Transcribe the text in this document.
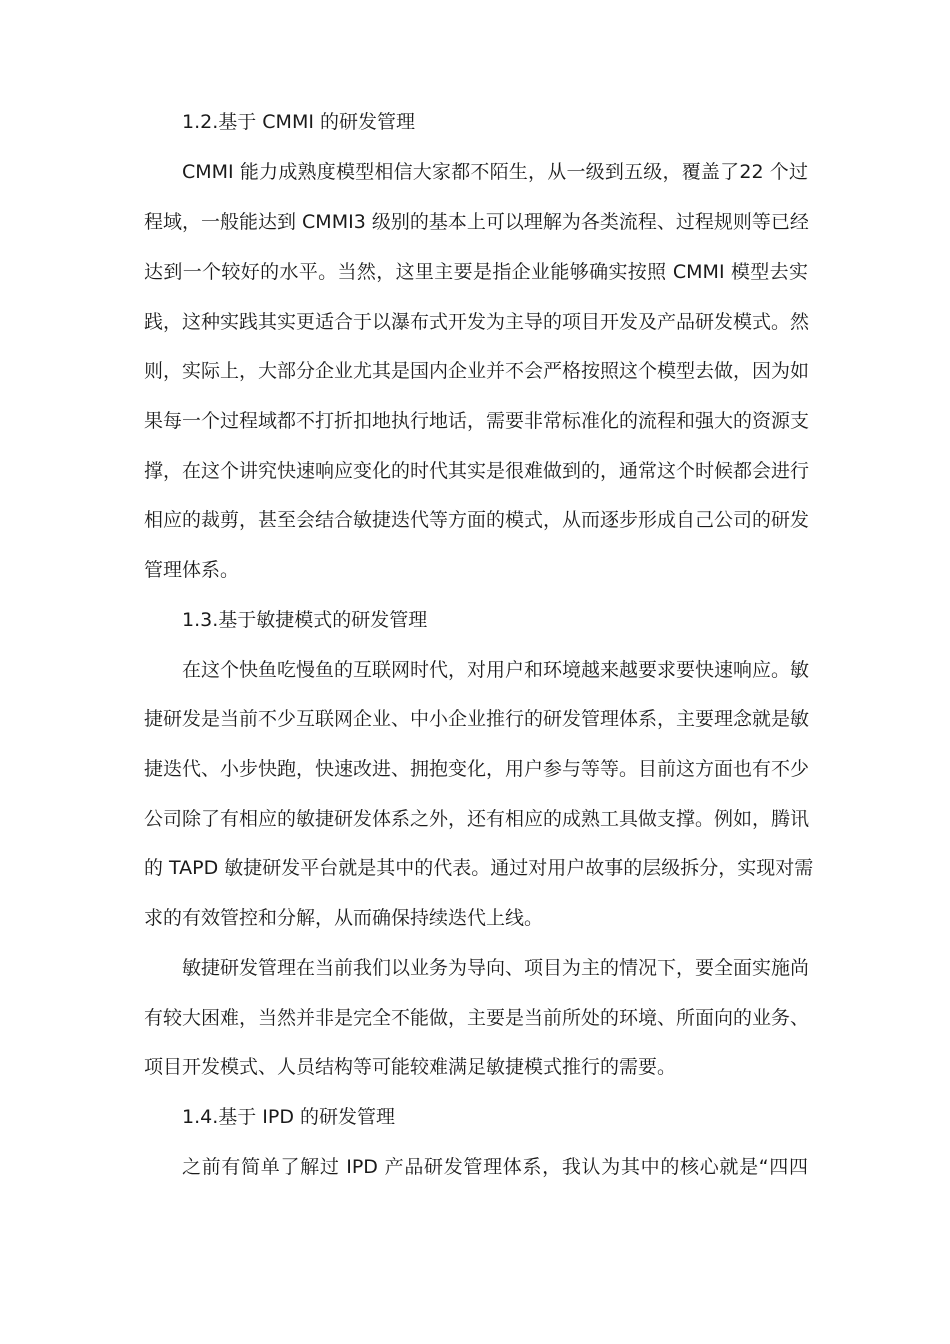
1.2.基于 CMMI 的研发管理
CMMI 能力成熟度模型相信大家都不陌生，从一级到五级，覆盖了22 个过
程域，一般能达到 CMMI3 级别的基本上可以理解为各类流程、过程规则等已经
达到一个较好的水平。当然，这里主要是指企业能够确实按照 CMMI 模型去实
践，这种实践其实更适合于以瀑布式开发为主导的项目开发及产品研发模式。然
则，实际上，大部分企业尤其是国内企业并不会严格按照这个模型去做，因为如
果每一个过程域都不打折扣地执行地话，需要非常标准化的流程和强大的资源支
撑，在这个讲究快速响应变化的时代其实是很难做到的，通常这个时候都会进行
相应的裁剪，甚至会结合敏捷迭代等方面的模式，从而逐步形成自己公司的研发
管理体系。
1.3.基于敏捷模式的研发管理
在这个快鱼吃慢鱼的互联网时代，对用户和环境越来越要求要快速响应。敏
捷研发是当前不少互联网企业、中小企业推行的研发管理体系，主要理念就是敏
捷迭代、小步快跑，快速改进、拥抱变化，用户参与等等。目前这方面也有不少
公司除了有相应的敏捷研发体系之外，还有相应的成熟工具做支撑。例如，腾讯
的 TAPD 敏捷研发平台就是其中的代表。通过对用户故事的层级拆分，实现对需
求的有效管控和分解，从而确保持续迭代上线。
敏捷研发管理在当前我们以业务为导向、项目为主的情况下，要全面实施尚
有较大困难，当然并非是完全不能做，主要是当前所处的环境、所面向的业务、
项目开发模式、人员结构等可能较难满足敏捷模式推行的需要。
1.4.基于 IPD 的研发管理
之前有简单了解过 IPD 产品研发管理体系，我认为其中的核心就是“四四
